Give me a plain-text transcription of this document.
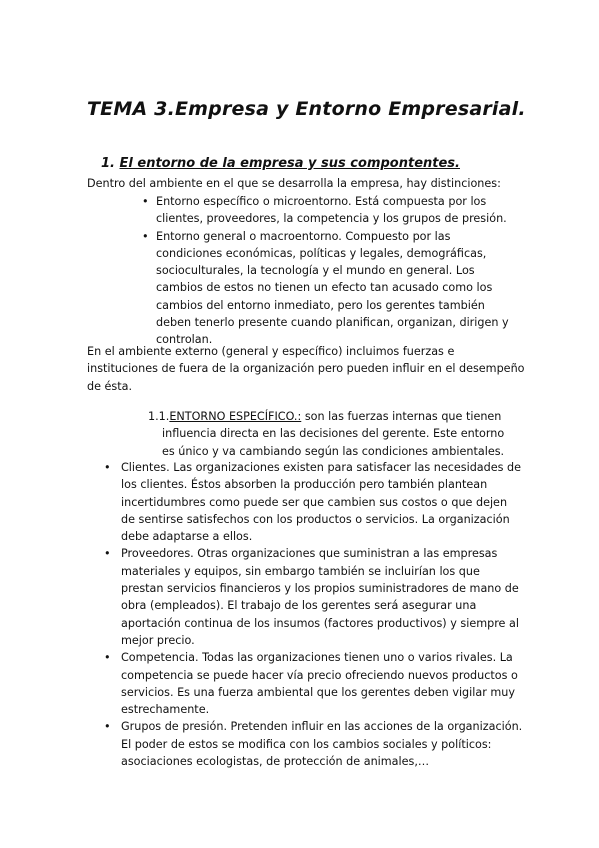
TEMA 3.Empresa y Entorno Empresarial.
1. El entorno de la empresa y sus compontentes.
Dentro del ambiente en el que se desarrolla la empresa, hay distinciones:
• Entorno específico o microentorno. Está compuesta por los clientes, proveedores, la competencia y los grupos de presión.
• Entorno general o macroentorno. Compuesto por las condiciones económicas, políticas y legales, demográficas, socioculturales, la tecnología y el mundo en general. Los cambios de estos no tienen un efecto tan acusado como los cambios del entorno inmediato, pero los gerentes también deben tenerlo presente cuando planifican, organizan, dirigen y controlan.
En el ambiente externo (general y específico) incluimos fuerzas e instituciones de fuera de la organización pero pueden influir en el desempeño de ésta.
1.1.ENTORNO ESPECÍFICO.: son las fuerzas internas que tienen
influencia directa en las decisiones del gerente. Este entorno es único y va cambiando según las condiciones ambientales.
• Clientes. Las organizaciones existen para satisfacer las necesidades de los clientes. Éstos absorben la producción pero también plantean incertidumbres como puede ser que cambien sus costos o que dejen de sentirse satisfechos con los productos o servicios. La organización debe adaptarse a ellos.
• Proveedores. Otras organizaciones que suministran a las empresas materiales y equipos, sin embargo también se incluirían los que prestan servicios financieros y los propios suministradores de mano de obra (empleados). El trabajo de los gerentes será asegurar una aportación continua de los insumos (factores productivos) y siempre al mejor precio.
• Competencia. Todas las organizaciones tienen uno o varios rivales. La competencia se puede hacer vía precio ofreciendo nuevos productos o servicios. Es una fuerza ambiental que los gerentes deben vigilar muy estrechamente.
• Grupos de presión. Pretenden influir en las acciones de la organización. El poder de estos se modifica con los cambios sociales y políticos: asociaciones ecologistas, de protección de animales,…
